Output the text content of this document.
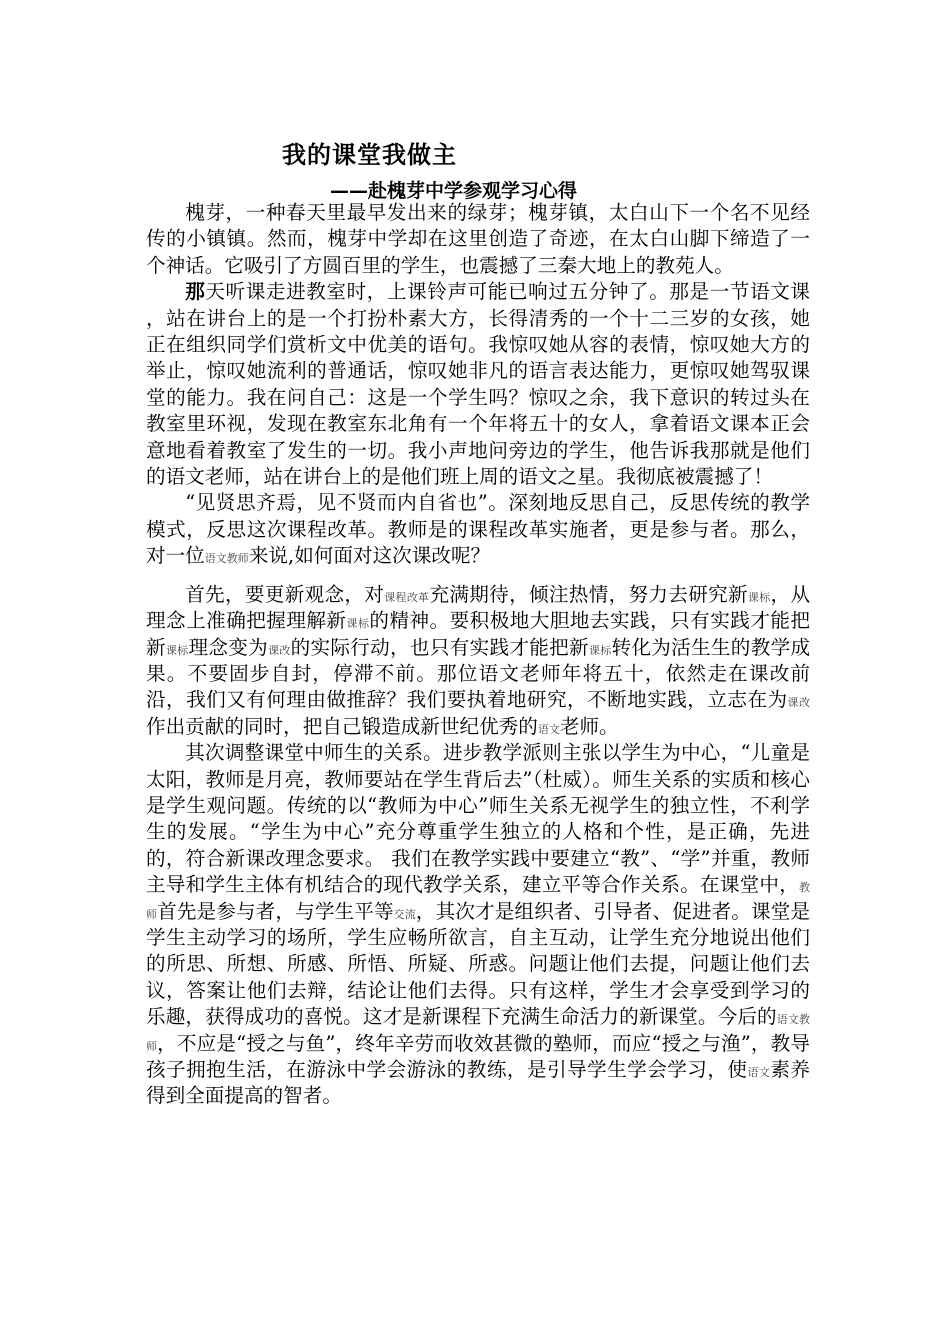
我的课堂我做主
——赴槐芽中学参观学习心得

槐芽，一种春天里最早发出来的绿芽；槐芽镇，太白山下一个名不见经传的小镇镇。然而，槐芽中学却在这里创造了奇迹，在太白山脚下缔造了一个神话。它吸引了方圆百里的学生，也震撼了三秦大地上的教苑人。

那天听课走进教室时，上课铃声可能已响过五分钟了。那是一节语文课 ，站在讲台上的是一个打扮朴素大方，长得清秀的一个十二三岁的女孩，她正在组织同学们赏析文中优美的语句。我惊叹她从容的表情，惊叹她大方的举止，惊叹她流利的普通话，惊叹她非凡的语言表达能力，更惊叹她驾驭课堂的能力。我在问自己：这是一个学生吗？惊叹之余，我下意识的转过头在教室里环视，发现在教室东北角有一个年将五十的女人，拿着语文课本正会意地看着教室了发生的一切。我小声地问旁边的学生，他告诉我那就是他们的语文老师，站在讲台上的是他们班上周的语文之星。我彻底被震撼了！

“见贤思齐焉，见不贤而内自省也”。深刻地反思自己，反思传统的教学模式，反思这次课程改革。教师是的课程改革实施者，更是参与者。那么，对一位语文教师来说,如何面对这次课改呢？

首先，要更新观念，对课程改革充满期待，倾注热情，努力去研究新课标，从理念上准确把握理解新课标的精神。要积极地大胆地去实践，只有实践才能把新课标理念变为课改的实际行动，也只有实践才能把新课标转化为活生生的教学成果。不要固步自封，停滞不前。那位语文老师年将五十，依然走在课改前沿，我们又有何理由做推辞？我们要执着地研究，不断地实践，立志在为课改作出贡献的同时，把自己锻造成新世纪优秀的语文老师。

其次调整课堂中师生的关系。进步教学派则主张以学生为中心，“儿童是太阳，教师是月亮，教师要站在学生背后去”（杜威）。师生关系的实质和核心是学生观问题。传统的以“教师为中心”师生关系无视学生的独立性，不利学生的发展。“学生为中心”充分尊重学生独立的人格和个性，是正确，先进的，符合新课改理念要求。 我们在教学实践中要建立“教”、“学”并重，教师主导和学生主体有机结合的现代教学关系，建立平等合作关系。在课堂中，教师首先是参与者，与学生平等交流，其次才是组织者、引导者、促进者。课堂是学生主动学习的场所，学生应畅所欲言，自主互动，让学生充分地说出他们的所思、所想、所感、所悟、所疑、所惑。问题让他们去提，问题让他们去议，答案让他们去辩，结论让他们去得。只有这样，学生才会享受到学习的乐趣，获得成功的喜悦。这才是新课程下充满生命活力的新课堂。今后的语文教师，不应是“授之与鱼”，终年辛劳而收效甚微的塾师，而应“授之与渔”，教导孩子拥抱生活，在游泳中学会游泳的教练，是引导学生学会学习，使语文素养得到全面提高的智者。
